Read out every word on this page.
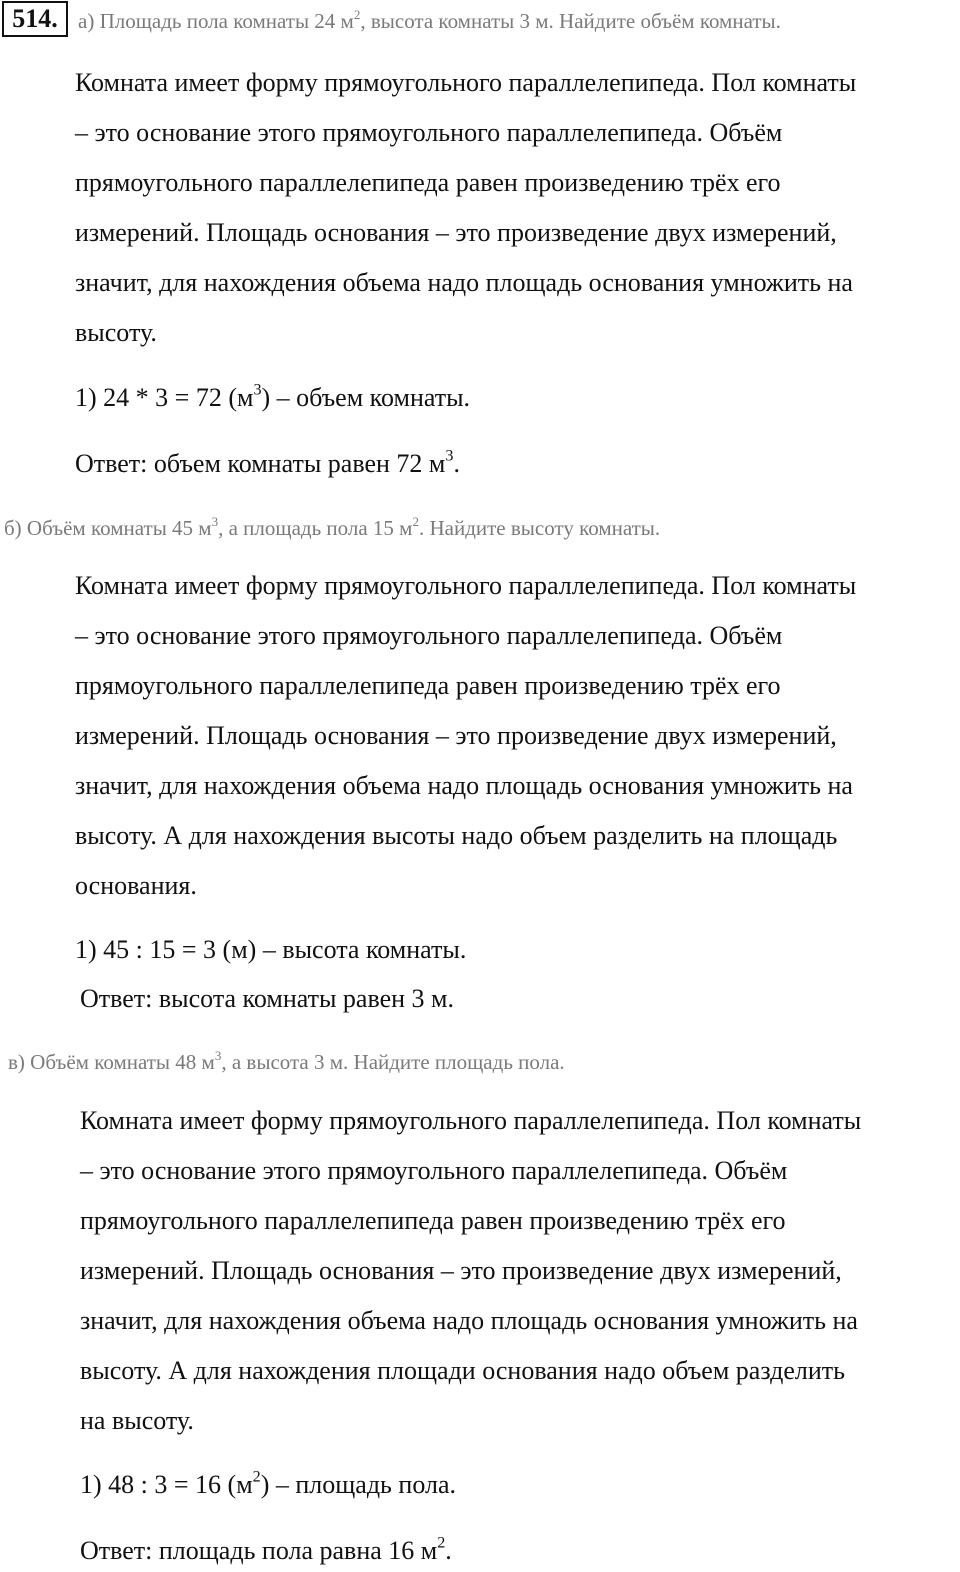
514. а) Площадь пола комнаты 24 $м^2$, высота комнаты 3 м. Найдите объём комнаты.
Комната имеет форму прямоугольного параллелепипеда. Пол комнаты
– это основание этого прямоугольного параллелепипеда. Объём
прямоугольного параллелепипеда равен произведению трёх его
измерений. Площадь основания – это произведение двух измерений,
значит, для нахождения объема надо площадь основания умножить на
высоту.
1) 24 * 3 = 72 $(м^3)$ – объем комнаты.
Ответ: объем комнаты равен 72 $м^3$.
б) Объём комнаты 45 $м^3$, а площадь пола 15 $м^2$. Найдите высоту комнаты.
Комната имеет форму прямоугольного параллелепипеда. Пол комнаты
– это основание этого прямоугольного параллелепипеда. Объём
прямоугольного параллелепипеда равен произведению трёх его
измерений. Площадь основания – это произведение двух измерений,
значит, для нахождения объема надо площадь основания умножить на
высоту. А для нахождения высоты надо объем разделить на площадь
основания.
1) 45 : 15 = 3 (м) – высота комнаты.
Ответ: высота комнаты равен 3 м.
в) Объём комнаты 48 $м^3$, а высота 3 м. Найдите площадь пола.
Комната имеет форму прямоугольного параллелепипеда. Пол комнаты
– это основание этого прямоугольного параллелепипеда. Объём
прямоугольного параллелепипеда равен произведению трёх его
измерений. Площадь основания – это произведение двух измерений,
значит, для нахождения объема надо площадь основания умножить на
высоту. А для нахождения площади основания надо объем разделить
на высоту.
1) 48 : 3 = 16 $(м^2)$ – площадь пола.
Ответ: площадь пола равна 16 $м^2$.
